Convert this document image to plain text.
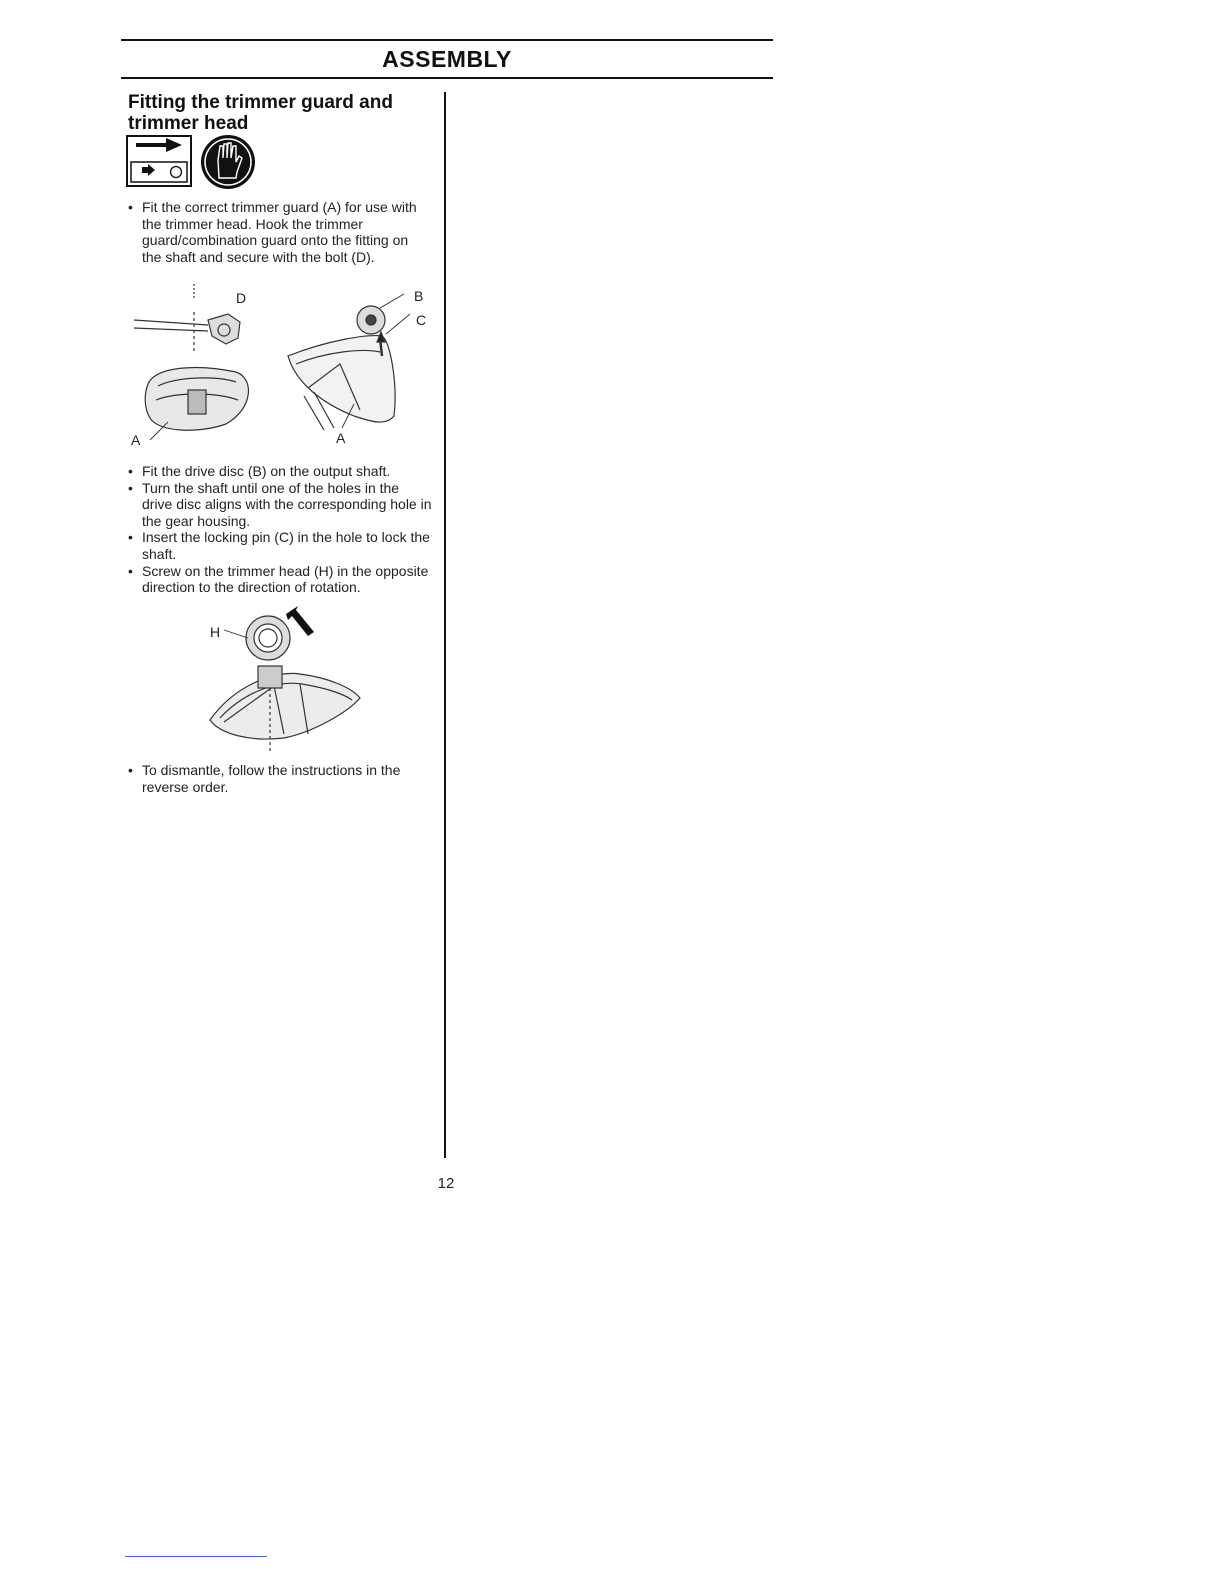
ASSEMBLY
Fitting the trimmer guard and trimmer head
• Fit the correct trimmer guard (A) for use with the trimmer head. Hook the trimmer guard/combination guard onto the fitting on the shaft and secure with the bolt (D).
D
A
B
C
A
• Fit the drive disc (B) on the output shaft.
• Turn the shaft until one of the holes in the drive disc aligns with the corresponding hole in the gear housing.
• Insert the locking pin (C) in the hole to lock the shaft.
• Screw on the trimmer head (H) in the opposite direction to the direction of rotation.
H
• To dismantle, follow the instructions in the reverse order.
12
